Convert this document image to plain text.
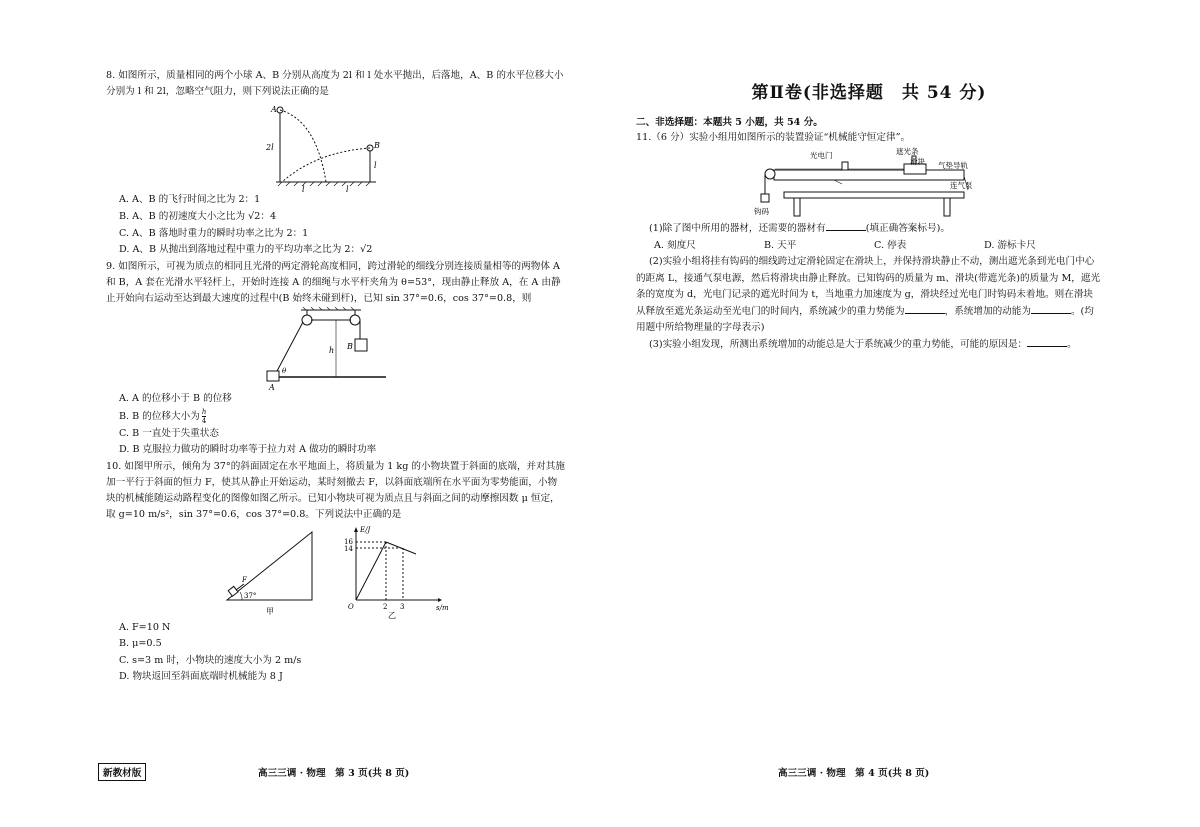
8. 如图所示，质量相同的两个小球 A、B 分别从高度为 2l 和 l 处水平抛出，后落地，A、B 的水平位移大小分别为 l 和 2l，忽略空气阻力，则下列说法正确的是

A
B
2l
l
l	l

A. A、B 的飞行时间之比为 2：1

B. A、B 的初速度大小之比为 √2：4

C. A、B 落地时重力的瞬时功率之比为 2：1

D. A、B 从抛出到落地过程中重力的平均功率之比为 2：√2

9. 如图所示，可视为质点的相同且光滑的两定滑轮高度相同，跨过滑轮的细线分别连接质量相等的两物体 A 和 B，A 套在光滑水平轻杆上，开始时连接 A 的细绳与水平杆夹角为 θ=53°，现由静止释放 A，在 A 由静止开始向右运动至达到最大速度的过程中(B 始终未碰到杆)，已知 sin 37°=0.6，cos 37°=0.8，则

h B
A
θ

A. A 的位移小于 B 的位移

B. B 的位移大小为 $\frac{h}{4}$

C. B 一直处于失重状态

D. B 克服拉力做功的瞬时功率等于拉力对 A 做功的瞬时功率

10. 如图甲所示，倾角为 37°的斜面固定在水平地面上，将质量为 1 kg 的小物块置于斜面的底端，并对其施加一平行于斜面的恒力 F，使其从静止开始运动，某时刻撤去 F，以斜面底端所在水平面为零势能面，小物块的机械能随运动路程变化的图像如图乙所示。已知小物块可视为质点且与斜面之间的动摩擦因数 μ 恒定，取 g=10 m/s²，sin 37°=0.6，cos 37°=0.8。下列说法中正确的是

F
37°
甲
E/J
s/m
16
14
2 3
O
乙

A. F=10 N

B. μ=0.5

C. s=3 m 时，小物块的速度大小为 2 m/s

D. 物块返回至斜面底端时机械能为 8 J

第Ⅱ卷(非选择题　共 54 分)

二、非选择题：本题共 5 小题，共 54 分。

11.（6 分）实验小组用如图所示的装置验证“机械能守恒定律”。

光电门	遮光条
滑块 气垫导轨
连气泵
钩码

(1)除了图中所用的器材，还需要的器材有	(填正确答案标号)。

A. 刻度尺	B. 天平	C. 停表	D. 游标卡尺

(2)实验小组将挂有钩码的细线跨过定滑轮固定在滑块上，并保持滑块静止不动，测出遮光条到光电门中心的距离 L，接通气泵电源，然后将滑块由静止释放。已知钩码的质量为 m、滑块(带遮光条)的质量为 M，遮光条的宽度为 d，光电门记录的遮光时间为 t，当地重力加速度为 g，滑块经过光电门时钩码未着地。则在滑块从释放至遮光条运动至光电门的时间内，系统减少的重力势能为	，系统增加的动能为	。(均用题中所给物理量的字母表示)

(3)实验小组发现，所测出系统增加的动能总是大于系统减少的重力势能，可能的原因是：	。

新教材版	高三三调 · 物理　第 3 页(共 8 页)	高三三调 · 物理　第 4 页(共 8 页)
